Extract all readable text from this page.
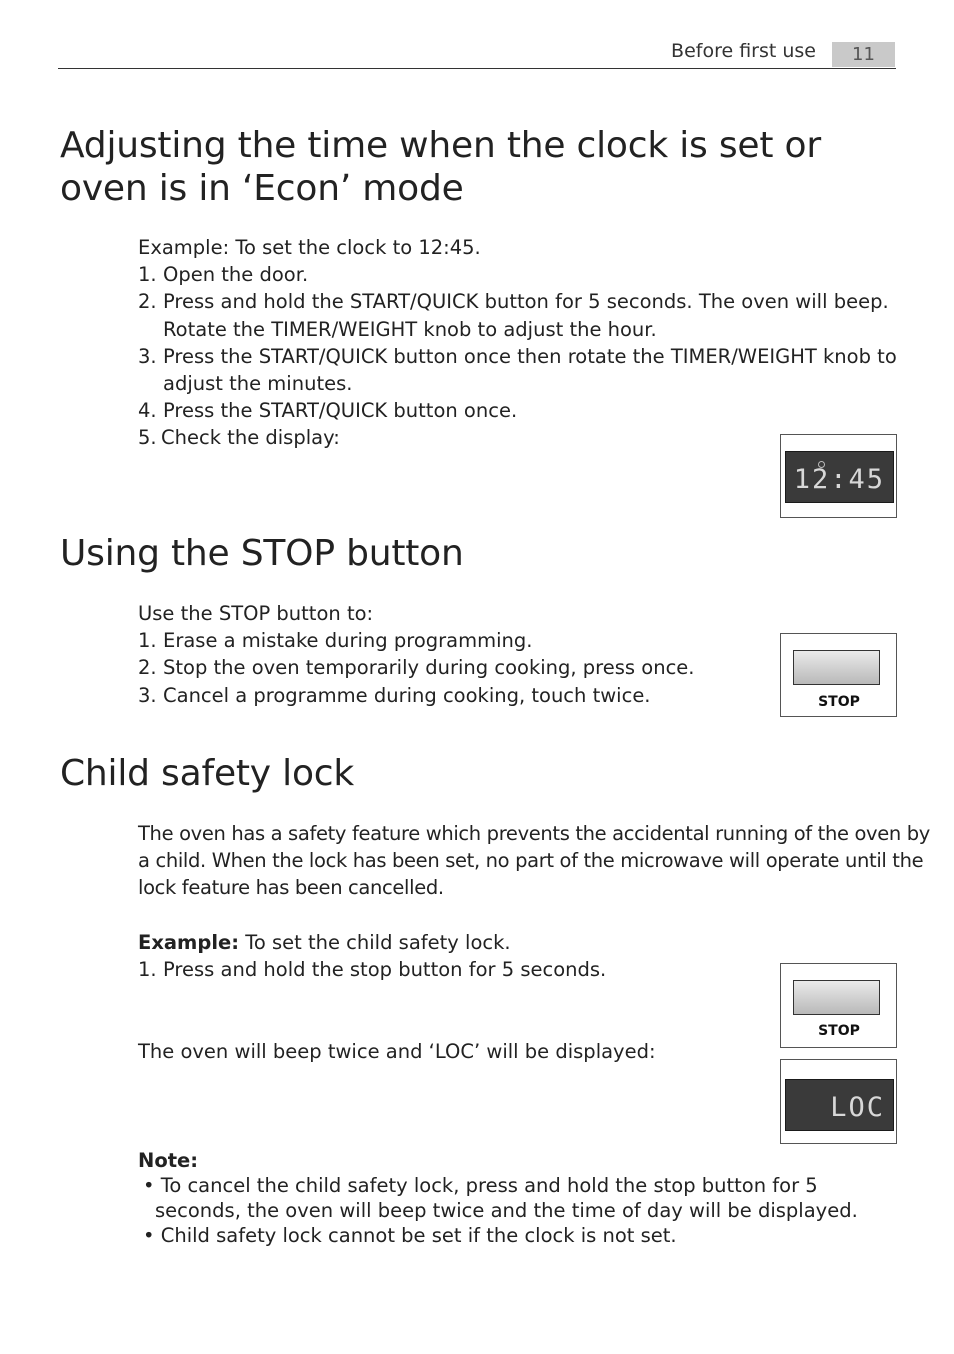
Before first use	11
Adjusting the time when the clock is set or oven is in ‘Econ’ mode
Example: To set the clock to 12:45.
1. Open the door.
2. Press and hold the START/QUICK button for 5 seconds. The oven will beep.
Rotate the TIMER/WEIGHT knob to adjust the hour.
3. Press the START/QUICK button once then rotate the TIMER/WEIGHT knob to
adjust the minutes.
4. Press the START/QUICK button once.
5. Check the display:
12:45
Using the STOP button
Use the STOP button to:
1. Erase a mistake during programming.
2. Stop the oven temporarily during cooking, press once.
3. Cancel a programme during cooking, touch twice.	STOP
Child safety lock
The oven has a safety feature which prevents the accidental running of the oven by
a child. When the lock has been set, no part of the microwave will operate until the
lock feature has been cancelled.
Example: To set the child safety lock.
1. Press and hold the stop button for 5 seconds.
The oven will beep twice and ‘LOC’ will be displayed:
STOP
LOC
Note:
• To cancel the child safety lock, press and hold the stop button for 5
seconds, the oven will beep twice and the time of day will be displayed.
• Child safety lock cannot be set if the clock is not set.
